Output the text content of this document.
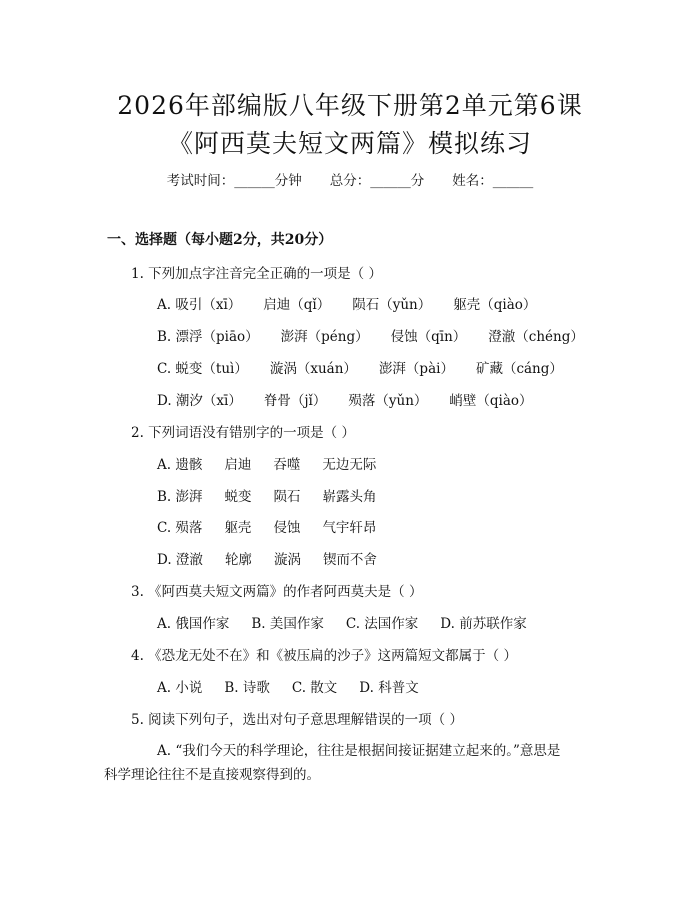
2026年部编版八年级下册第2单元第6课
《阿西莫夫短文两篇》模拟练习
考试时间：______分钟 总分：______分 姓名：______
一、选择题（每小题2分，共20分）
1. 下列加点字注音完全正确的一项是（ ）
A. 吸引（xī） 启迪（qǐ） 陨石（yǔn） 躯壳（qiào）
B. 漂浮（piāo） 澎湃（péng） 侵蚀（qīn） 澄澈（chéng）
C. 蜕变（tuì） 漩涡（xuán） 澎湃（pài） 矿藏（cáng）
D. 潮汐（xī） 脊骨（jǐ） 殒落（yǔn） 峭壁（qiào）
2. 下列词语没有错别字的一项是（ ）
A. 遗骸 启迪 吞噬 无边无际
B. 澎湃 蜕变 陨石 崭露头角
C. 殒落 躯壳 侵蚀 气宇轩昂
D. 澄澈 轮廓 漩涡 锲而不舍
3. 《阿西莫夫短文两篇》的作者阿西莫夫是（ ）
A. 俄国作家 B. 美国作家 C. 法国作家 D. 前苏联作家
4. 《恐龙无处不在》和《被压扁的沙子》这两篇短文都属于（ ）
A. 小说 B. 诗歌 C. 散文 D. 科普文
5. 阅读下列句子，选出对句子意思理解错误的一项（ ）
A. “我们今天的科学理论，往往是根据间接证据建立起来的。”意思是
科学理论往往不是直接观察得到的。
